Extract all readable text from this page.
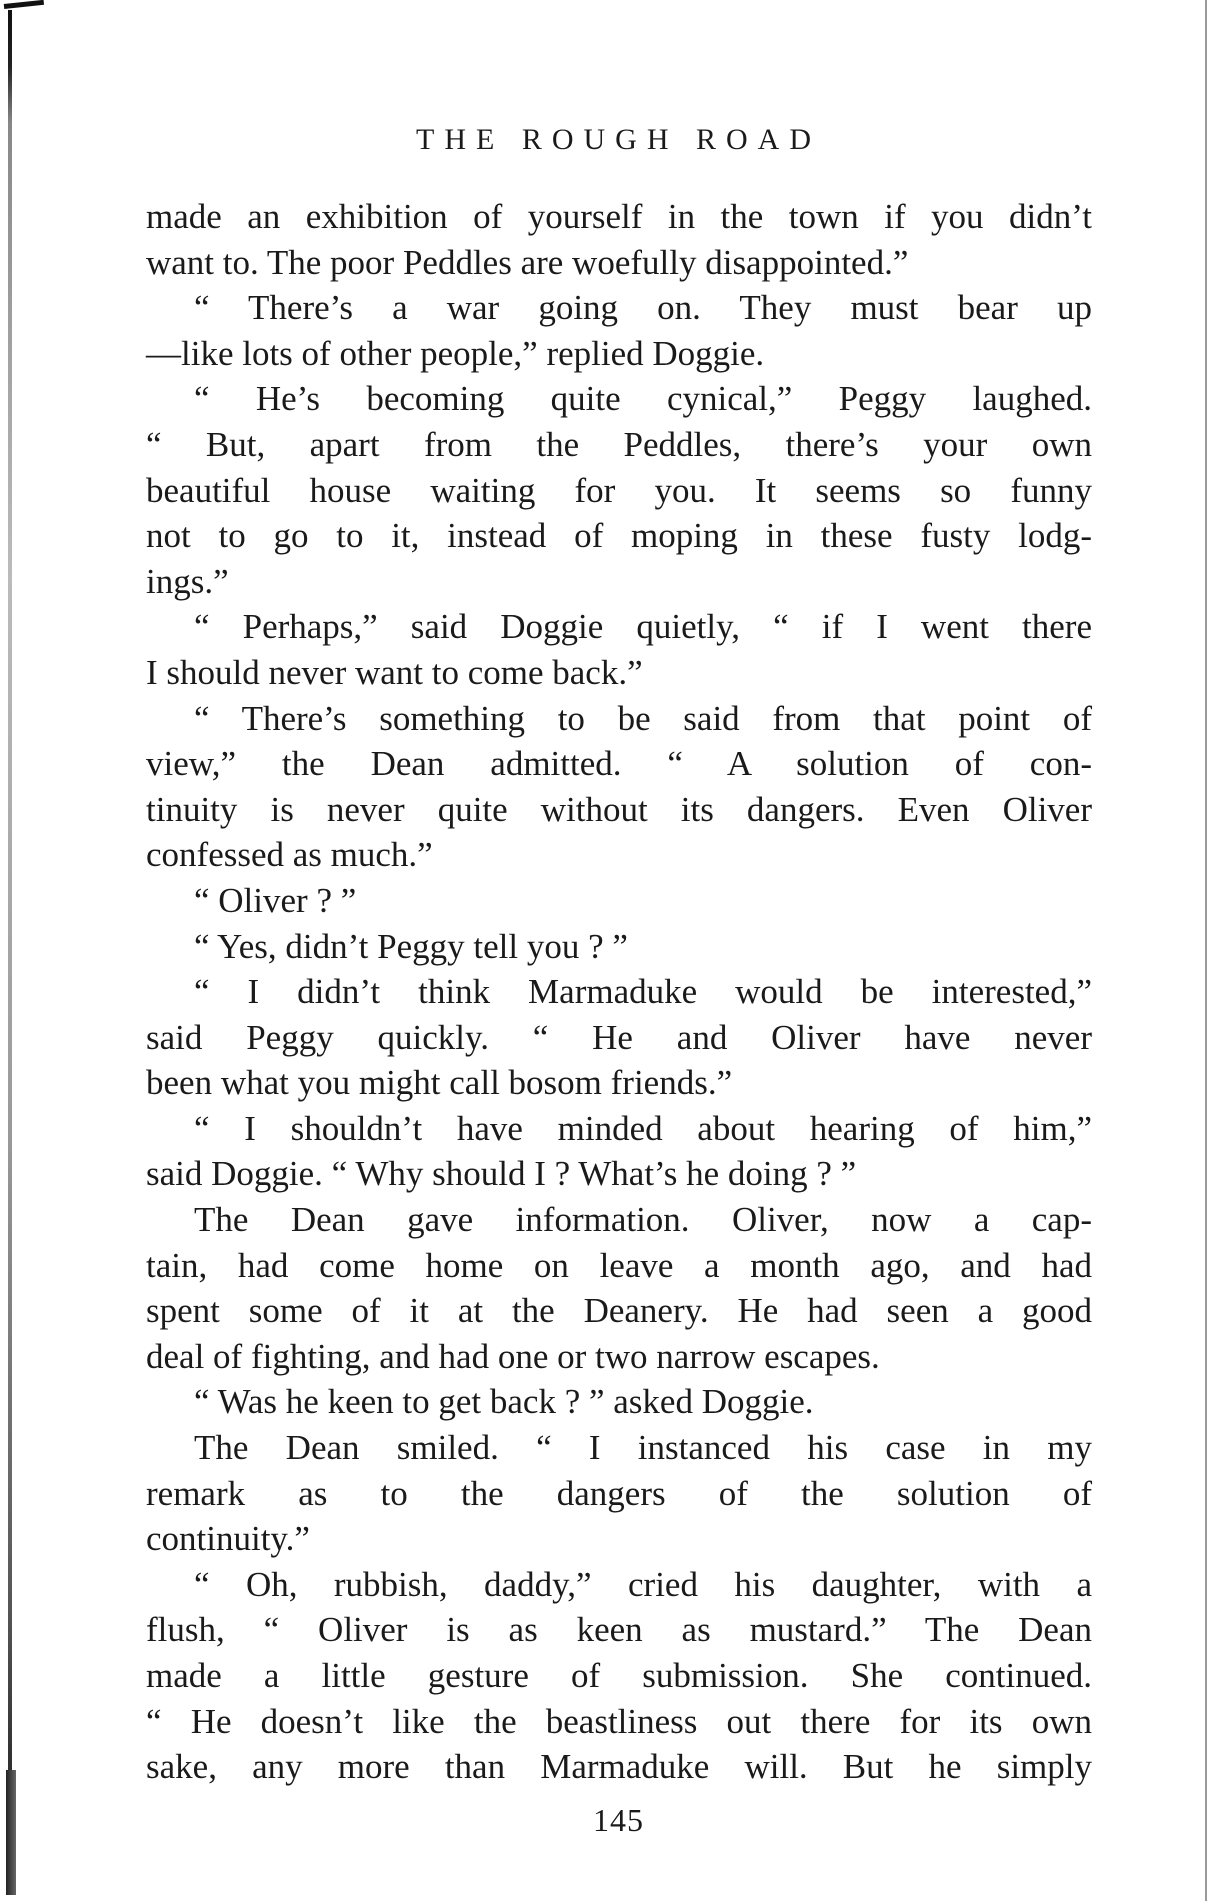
THE ROUGH ROAD
made an exhibition of yourself in the town if you didn’t
want to. The poor Peddles are woefully disappointed.”
“ There’s a war going on. They must bear up
—like lots of other people,” replied Doggie.
“ He’s becoming quite cynical,” Peggy laughed.
“ But, apart from the Peddles, there’s your own
beautiful house waiting for you. It seems so funny
not to go to it, instead of moping in these fusty lodg-
ings.”
“ Perhaps,” said Doggie quietly, “ if I went there
I should never want to come back.”
“ There’s something to be said from that point of
view,” the Dean admitted. “ A solution of con-
tinuity is never quite without its dangers. Even Oliver
confessed as much.”
“ Oliver ? ”
“ Yes, didn’t Peggy tell you ? ”
“ I didn’t think Marmaduke would be interested,”
said Peggy quickly. “ He and Oliver have never
been what you might call bosom friends.”
“ I shouldn’t have minded about hearing of him,”
said Doggie. “ Why should I ? What’s he doing ? ”
The Dean gave information. Oliver, now a cap-
tain, had come home on leave a month ago, and had
spent some of it at the Deanery. He had seen a good
deal of fighting, and had one or two narrow escapes.
“ Was he keen to get back ? ” asked Doggie.
The Dean smiled. “ I instanced his case in my
remark as to the dangers of the solution of
continuity.”
“ Oh, rubbish, daddy,” cried his daughter, with a
flush, “ Oliver is as keen as mustard.” The Dean
made a little gesture of submission. She continued.
“ He doesn’t like the beastliness out there for its own
sake, any more than Marmaduke will. But he simply
145
